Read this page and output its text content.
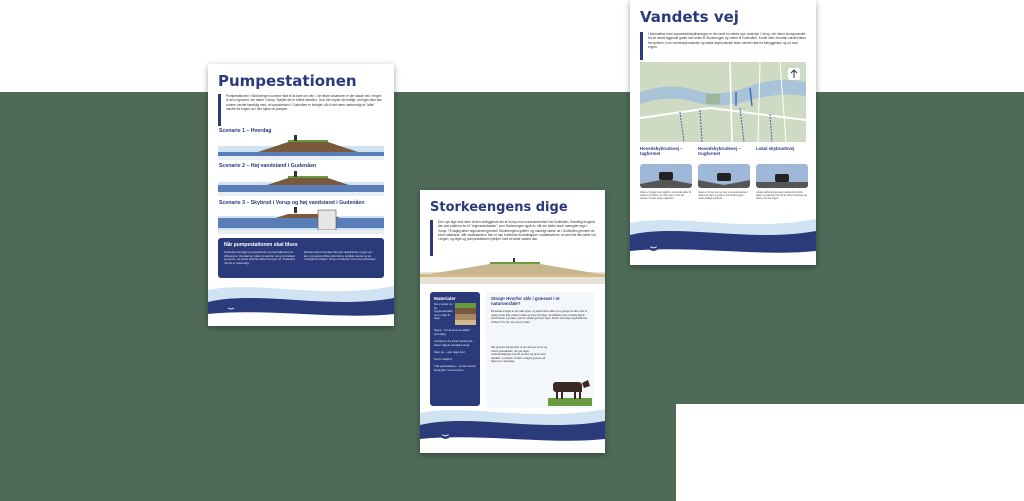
Pumpestationen
Pumpestationen i Storkeengen kommer ikke til at køre om ofte. I de fleste situationer er der skade ned i engen til den regnvand, der falder i Vorup. Spejlet det er kritisk situation, hvor det regner så kraftigt, at engen ikke kan rumme vandet samtidig med, at vandstanden i Gudenåen er forhøjet, så vil det være nødvendigt at "løfte" vandet fra engen ud i den hjalsu af pumpen.
Scenarie 1 – Hverdag
Scenarie 2 – Høj vandstand i Gudenåen
Scenarie 3 – Skybrud i Vorup og høj vandstand i Gudenåen
Når pumpestationen skal tilses
Vandmiljø overvåger pumpestationen med fjernaflæsning fra driftscentret. Ved alarmer rykker en tekniker ud og kontrollerer pumperne, så vandet altid kan løftes fra engen ud i Gudenåen når det er nødvendigt.
Randers Vand overvåger løbende vandstanden i engen og i åen, og justerer driften efter behov, så både naturen og de nærliggende boliger i Vorup er beskyttet mod oversvømmelser.
VANDMILJØ
RANDERS
Storkeengens dige
Den nye dige skal sikre at den lavtliggende del af Vorup mod oversvømmelser fra Gudenåen. Samtidig fungerer det som platform for et "regnvandsbassin", som Storkeengen også er, når der falder store mængder regn i Vorup. Til daglig løber regnvandet gennem Storkeengens grøfter, og naturligt videre ud i Gudenåen gennem de store udløbsrør. Når vandstanden i åen er høj, forhindrer kontraklapper i udløbsrørene, at vand fra åen løber ind i engen, og diget og pumpestationen hjælper med at holde vandet ude.
Materialer
Det er tanke om de byggematerialer, der er valgt til diget
Sand – for at lave et stabilt grundlag
Lerkerner fra lokal forekomst – sikrer digets vandtæt vægt
Sten ler – gør diget tæt
God muldjord
Tæt græstæppe – et tæt netvat beskytter mod erosion
Stoop! Hvorfor står i græsset i et naturområde?
På landet af diget er der sået græs, og dette bliver slået ca to gange om året. Det er vigtigt at der ikke vokser buske og træer på diget, da rødderne kan svække digets konstruktion og skabe veje for vandet gennem diget. Derfor skal diget også løbende holdes fri for dyr, der graver huller.
Når græsset klippes kort vil der dannes et tæt og robust græsdække, der gør diget modstandsdygtigt overfor erosion og sikrer dets stabilitet. I perioder vil køer muligvis græsse på diget som naturpleje.
VANDMILJØ
RANDERS
Vandets vej
I forbindelse med oppvækstelokaliseringen er der lavet en række nye vandveje i Vorup, der sikrer at regnvandet fra de lavest liggende gader kan ledes til Storkeengen og videre til Gudenåen. Kortet viser hvordan vandet løber fra bydelen, hvor hovedskybrudsveje og lokale skybrudsveje leder vandet væk fra bebyggelsen og ud mod engen.
Hovedskybrudsvej – tagformet
Hovedskybrudsvej – trugformet
Lokal skybrudsvej
Vejen er bygget med tagform, så vandet løber til siderne og videre ud mod engen, hvor det samles i render langs vejkanten.
Vejen er formet som et trug, så vandet samles i midten af vejen og ledes mod Storkeengen under kraftige skybrud.
Lokale skybrudsveje leder vandet fra mindre gader og sideveje frem til de store hovedveje og videre ud mod engen.
VANDMILJØ
RANDERS
